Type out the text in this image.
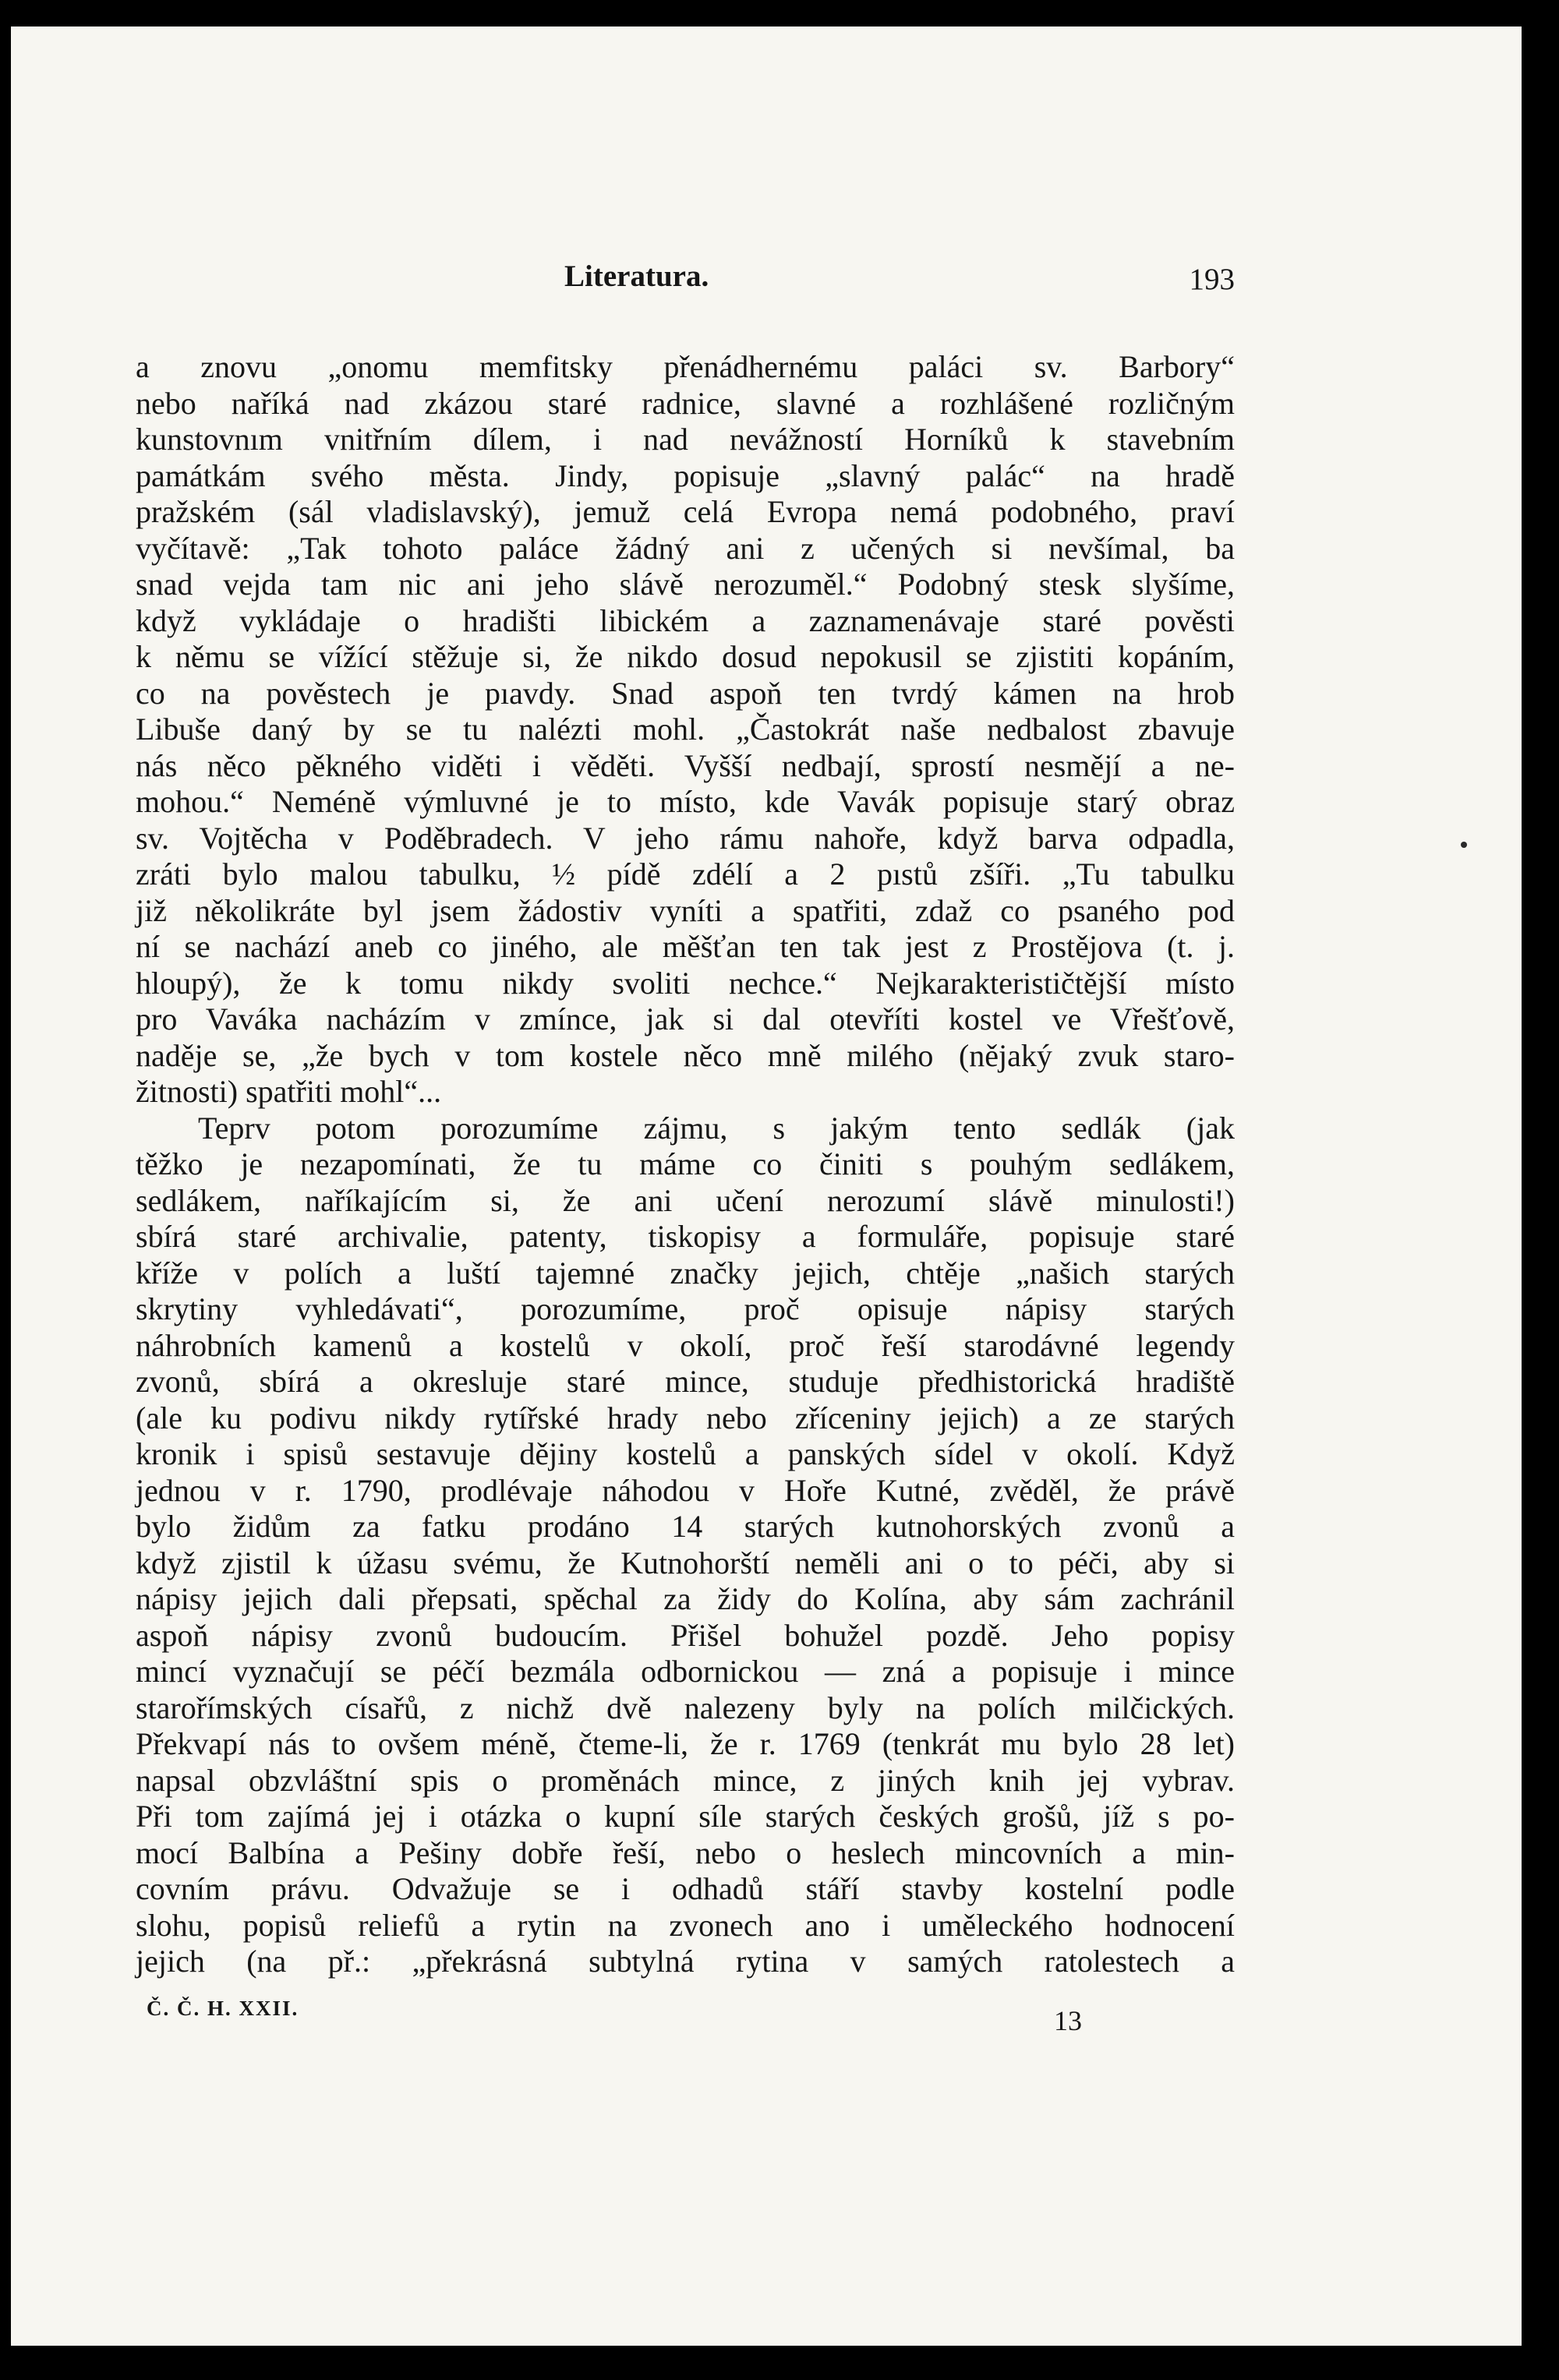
Literatura.	193
a znovu „onomu memfitsky přenádhernému paláci sv. Barbory“
nebo naříká nad zkázou staré radnice, slavné a rozhlášené rozličným
kunstovnım vnitřním dílem, i nad nevážností Horníků k stavebním
památkám svého města. Jindy, popisuje „slavný palác“ na hradě
pražském (sál vladislavský), jemuž celá Evropa nemá podobného, praví
vyčítavě: „Tak tohoto paláce žádný ani z učených si nevšímal, ba
snad vejda tam nic ani jeho slávě nerozuměl.“ Podobný stesk slyšíme,
když vykládaje o hradišti libickém a zaznamenávaje staré pověsti
k němu se vížící stěžuje si, že nikdo dosud nepokusil se zjistiti kopáním,
co na pověstech je pıavdy. Snad aspoň ten tvrdý kámen na hrob
Libuše daný by se tu nalézti mohl. „Častokrát naše nedbalost zbavuje
nás něco pěkného viděti i věděti. Vyšší nedbají, sprostí nesmějí a ne-
mohou.“ Neméně výmluvné je to místo, kde Vavák popisuje starý obraz
sv. Vojtěcha v Poděbradech. V jeho rámu nahoře, když barva odpadla,
zráti bylo malou tabulku, ½ pídě zdélí a 2 pıstů zšíři. „Tu tabulku
již několikráte byl jsem žádostiv vyníti a spatřiti, zdaž co psaného pod
ní se nachází aneb co jiného, ale měšťan ten tak jest z Prostějova (t. j.
hloupý), že k tomu nikdy svoliti nechce.“ Nejkarakterističtější místo
pro Vaváka nacházím v zmínce, jak si dal otevříti kostel ve Vřešťově,
naděje se, „že bych v tom kostele něco mně milého (nějaký zvuk staro-
žitnosti) spatřiti mohl“...
Teprv potom porozumíme zájmu, s jakým tento sedlák (jak
těžko je nezapomínati, že tu máme co činiti s pouhým sedlákem,
sedlákem, naříkajícím si, že ani učení nerozumí slávě minulosti!)
sbírá staré archivalie, patenty, tiskopisy a formuláře, popisuje staré
kříže v polích a luští tajemné značky jejich, chtěje „našich starých
skrytiny vyhledávati“, porozumíme, proč opisuje nápisy starých
náhrobních kamenů a kostelů v okolí, proč řeší starodávné legendy
zvonů, sbírá a okresluje staré mince, studuje předhistorická hradiště
(ale ku podivu nikdy rytířské hrady nebo zříceniny jejich) a ze starých
kronik i spisů sestavuje dějiny kostelů a panských sídel v okolí. Když
jednou v r. 1790, prodlévaje náhodou v Hoře Kutné, zvěděl, že právě
bylo židům za fatku prodáno 14 starých kutnohorských zvonů a
když zjistil k úžasu svému, že Kutnohorští neměli ani o to péči, aby si
nápisy jejich dali přepsati, spěchal za židy do Kolína, aby sám zachránil
aspoň nápisy zvonů budoucím. Přišel bohužel pozdě. Jeho popisy
mincí vyznačují se péčí bezmála odbornickou — zná a popisuje i mince
starořímských císařů, z nichž dvě nalezeny byly na polích milčických.
Překvapí nás to ovšem méně, čteme-li, že r. 1769 (tenkrát mu bylo 28 let)
napsal obzvláštní spis o proměnách mince, z jiných knih jej vybrav.
Při tom zajímá jej i otázka o kupní síle starých českých grošů, jíž s po-
mocí Balbína a Pešiny dobře řeší, nebo o heslech mincovních a min-
covním právu. Odvažuje se i odhadů stáří stavby kostelní podle
slohu, popisů reliefů a rytin na zvonech ano i uměleckého hodnocení
jejich (na př.: „překrásná subtylná rytina v samých ratolestech a
Č. Č. H. XXII.	13
